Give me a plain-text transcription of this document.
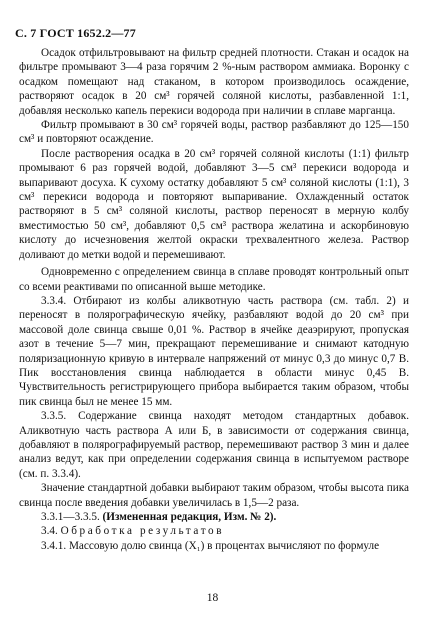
С. 7 ГОСТ 1652.2—77

Осадок отфильтровывают на фильтр средней плотности. Стакан и осадок на фильтре промывают 3—4 раза горячим 2 %-ным раствором аммиака. Воронку с осадком помещают над стаканом, в котором производилось осаждение, растворяют осадок в 20 см³ горячей соляной кислоты, разбавленной 1:1, добавляя несколько капель перекиси водорода при наличии в сплаве марганца.

Фильтр промывают в 30 см³ горячей воды, раствор разбавляют до 125—150 см³ и повторяют осаждение.

После растворения осадка в 20 см³ горячей соляной кислоты (1:1) фильтр промывают 6 раз горячей водой, добавляют 3—5 см³ перекиси водорода и выпаривают досуха. К сухому остатку добавляют 5 см³ соляной кислоты (1:1), 3 см³ перекиси водорода и повторяют выпаривание. Охлажденный остаток растворяют в 5 см³ соляной кислоты, раствор переносят в мерную колбу вместимостью 50 см³, добавляют 0,5 см³ раствора желатина и аскорбиновую кислоту до исчезновения желтой окраски трехвалентного железа. Раствор доливают до метки водой и перемешивают.

Одновременно с определением свинца в сплаве проводят контрольный опыт со всеми реактивами по описанной выше методике.

3.3.4. Отбирают из колбы аликвотную часть раствора (см. табл. 2) и переносят в полярографическую ячейку, разбавляют водой до 20 см³ при массовой доле свинца свыше 0,01 %. Раствор в ячейке деаэрируют, пропуская азот в течение 5—7 мин, прекращают перемешивание и снимают катодную поляризационную кривую в интервале напряжений от минус 0,3 до минус 0,7 В. Пик восстановления свинца наблюдается в области минус 0,45 В. Чувствительность регистрирующего прибора выбирается таким образом, чтобы пик свинца был не менее 15 мм.

3.3.5. Содержание свинца находят методом стандартных добавок. Аликвотную часть раствора А или Б, в зависимости от содержания свинца, добавляют в полярографируемый раствор, перемешивают раствор 3 мин и далее анализ ведут, как при определении содержания свинца в испытуемом растворе (см. п. 3.3.4).

Значение стандартной добавки выбирают таким образом, чтобы высота пика свинца после введения добавки увеличилась в 1,5—2 раза.

3.3.1—3.3.5. (Измененная редакция, Изм. № 2).

3.4. Обработка результатов

3.4.1. Массовую долю свинца (X₁) в процентах вычисляют по формуле

18
